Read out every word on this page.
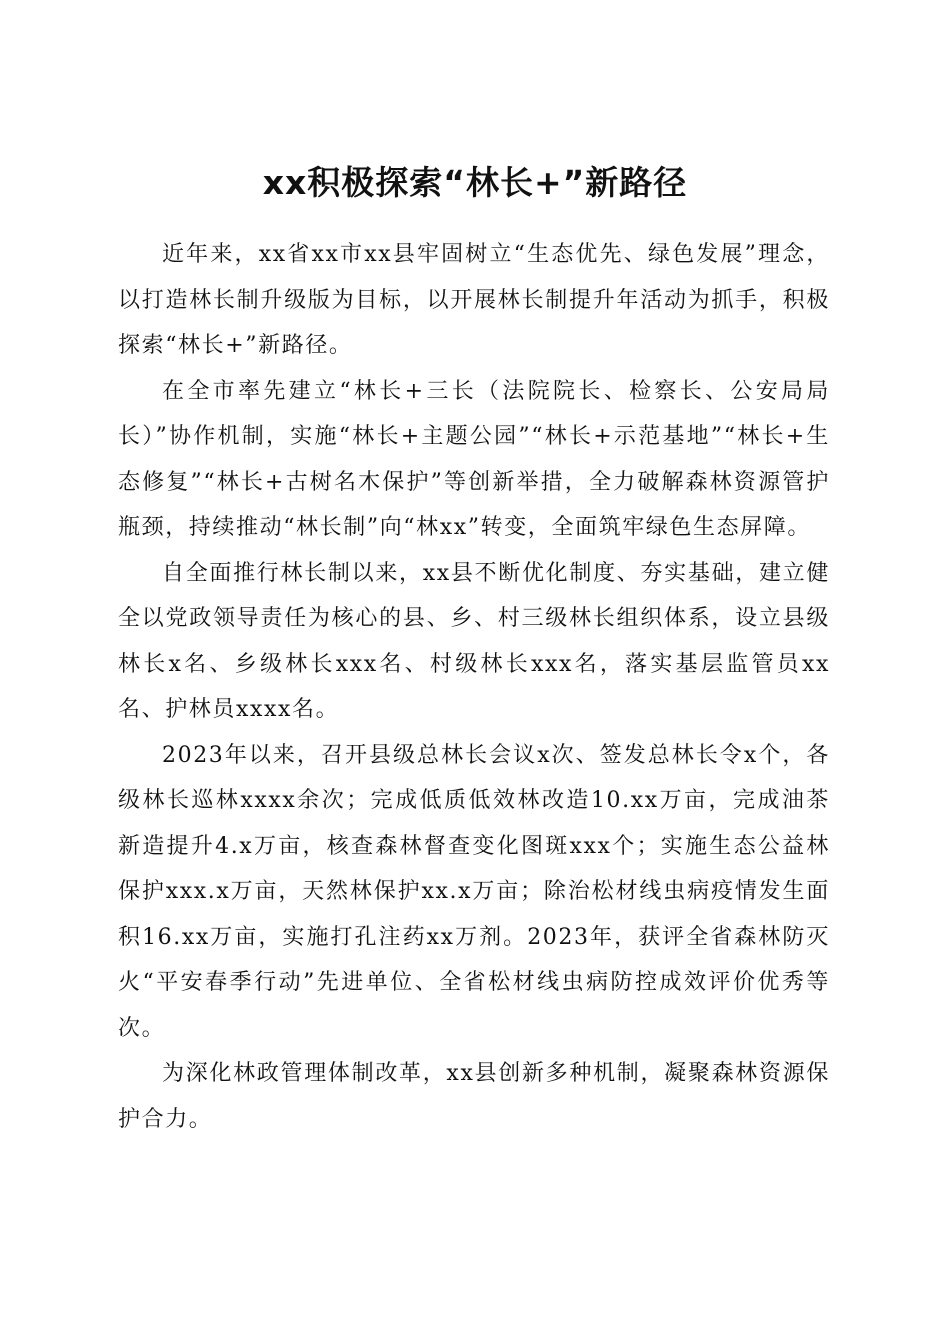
xx积极探索“林长+”新路径

近年来，xx省xx市xx县牢固树立“生态优先、绿色发展”理念，以打造林长制升级版为目标，以开展林长制提升年活动为抓手，积极探索“林长+”新路径。

在全市率先建立“林长+三长（法院院长、检察长、公安局局长）”协作机制，实施“林长+主题公园”“林长+示范基地”“林长+生态修复”“林长+古树名木保护”等创新举措，全力破解森林资源管护瓶颈，持续推动“林长制”向“林xx”转变，全面筑牢绿色生态屏障。

自全面推行林长制以来，xx县不断优化制度、夯实基础，建立健全以党政领导责任为核心的县、乡、村三级林长组织体系，设立县级林长x名、乡级林长xxx名、村级林长xxx名，落实基层监管员xx名、护林员xxxx名。

2023年以来，召开县级总林长会议x次、签发总林长令x个，各级林长巡林xxxx余次；完成低质低效林改造10.xx万亩，完成油茶新造提升4.x万亩，核查森林督查变化图斑xxx个；实施生态公益林保护xxx.x万亩，天然林保护xx.x万亩；除治松材线虫病疫情发生面积16.xx万亩，实施打孔注药xx万剂。2023年，获评全省森林防灭火“平安春季行动”先进单位、全省松材线虫病防控成效评价优秀等次。

为深化林政管理体制改革，xx县创新多种机制，凝聚森林资源保护合力。
